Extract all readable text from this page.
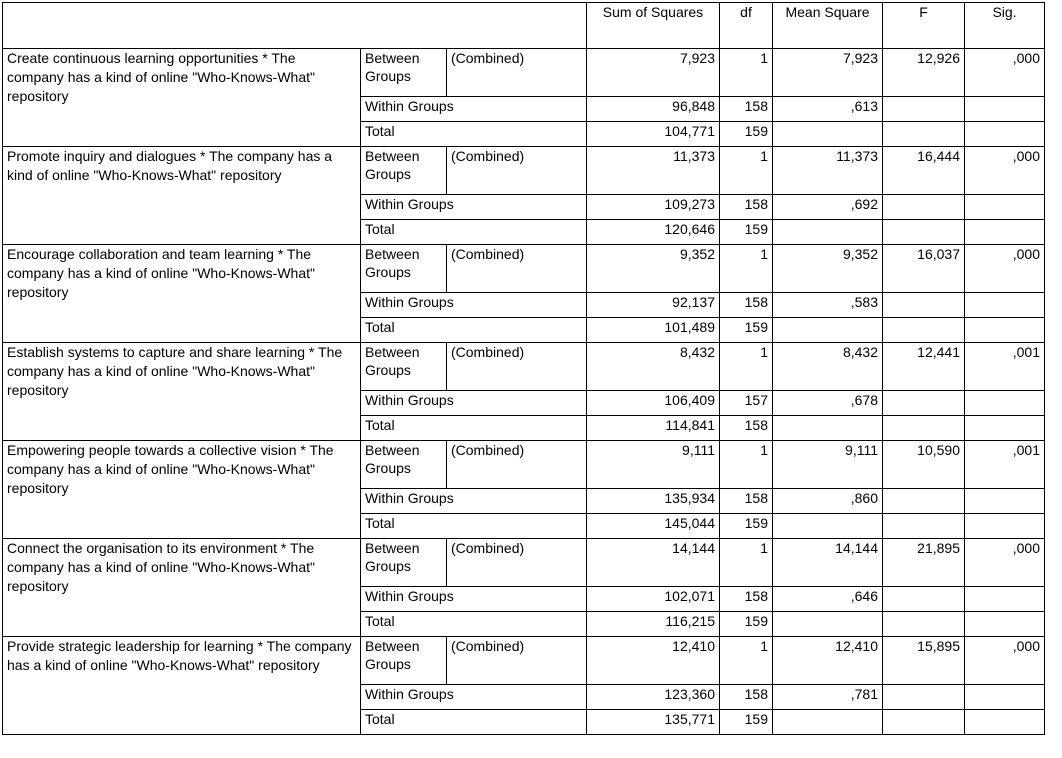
			Sum of Squares	df	Mean Square	F	Sig.
Create continuous learning opportunities * The company has a kind of online "Who-Knows-What" repository	Between Groups	(Combined)	7,923	1	7,923	12,926	,000
	Within Groups		96,848	158	,613		
	Total		104,771	159			
Promote inquiry and dialogues * The company has a kind of online "Who-Knows-What" repository	Between Groups	(Combined)	11,373	1	11,373	16,444	,000
	Within Groups		109,273	158	,692		
	Total		120,646	159			
Encourage collaboration and team learning * The company has a kind of online "Who-Knows-What" repository	Between Groups	(Combined)	9,352	1	9,352	16,037	,000
	Within Groups		92,137	158	,583		
	Total		101,489	159			
Establish systems to capture and share learning * The company has a kind of online "Who-Knows-What" repository	Between Groups	(Combined)	8,432	1	8,432	12,441	,001
	Within Groups		106,409	157	,678		
	Total		114,841	158			
Empowering people towards a collective vision * The company has a kind of online "Who-Knows-What" repository	Between Groups	(Combined)	9,111	1	9,111	10,590	,001
	Within Groups		135,934	158	,860		
	Total		145,044	159			
Connect the organisation to its environment * The company has a kind of online "Who-Knows-What" repository	Between Groups	(Combined)	14,144	1	14,144	21,895	,000
	Within Groups		102,071	158	,646		
	Total		116,215	159			
Provide strategic leadership for learning * The company has a kind of online "Who-Knows-What" repository	Between Groups	(Combined)	12,410	1	12,410	15,895	,000
	Within Groups		123,360	158	,781		
	Total		135,771	159			
